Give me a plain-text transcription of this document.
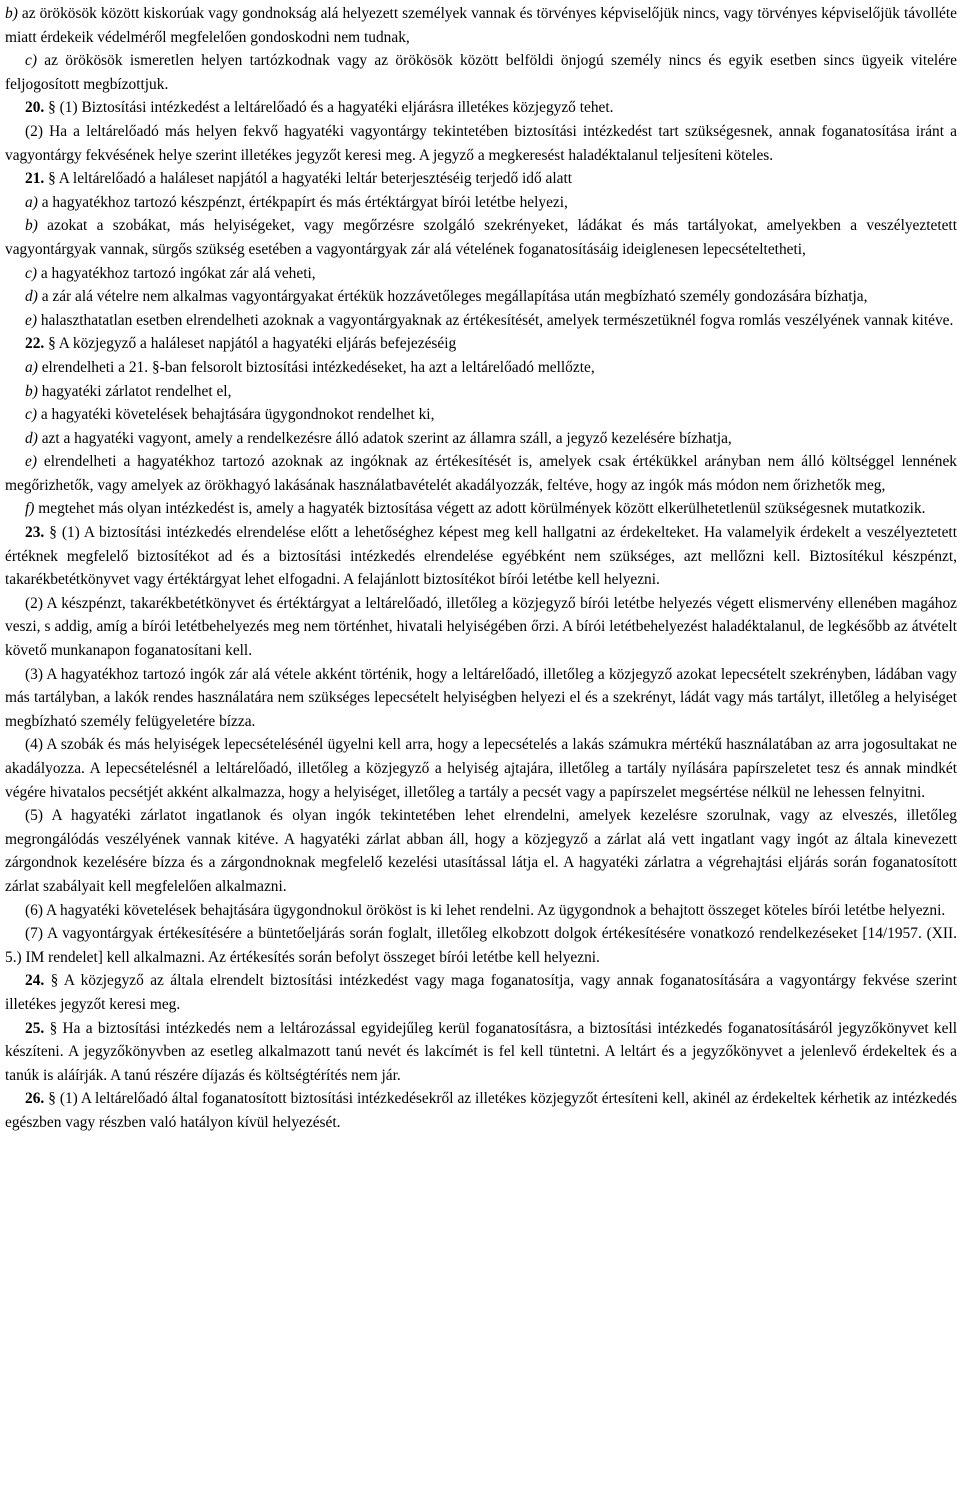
b) az örökösök között kiskorúak vagy gondnokság alá helyezett személyek vannak és törvényes képviselőjük nincs, vagy törvényes képviselőjük távolléte miatt érdekeik védelméről megfelelően gondoskodni nem tudnak,

c) az örökösök ismeretlen helyen tartózkodnak vagy az örökösök között belföldi önjogú személy nincs és egyik esetben sincs ügyeik vitelére feljogosított megbízottjuk.

20. § (1) Biztosítási intézkedést a leltárelőadó és a hagyatéki eljárásra illetékes közjegyző tehet.

(2) Ha a leltárelőadó más helyen fekvő hagyatéki vagyontárgy tekintetében biztosítási intézkedést tart szükségesnek, annak foganatosítása iránt a vagyontárgy fekvésének helye szerint illetékes jegyzőt keresi meg. A jegyző a megkeresést haladéktalanul teljesíteni köteles.

21. § A leltárelőadó a haláleset napjától a hagyatéki leltár beterjesztéséig terjedő idő alatt

a) a hagyatékhoz tartozó készpénzt, értékpapírt és más értéktárgyat bírói letétbe helyezi,

b) azokat a szobákat, más helyiségeket, vagy megőrzésre szolgáló szekrényeket, ládákat és más tartályokat, amelyekben a veszélyeztetett vagyontárgyak vannak, sürgős szükség esetében a vagyontárgyak zár alá vételének foganatosításáig ideiglenesen lepecsételtetheti,

c) a hagyatékhoz tartozó ingókat zár alá veheti,

d) a zár alá vételre nem alkalmas vagyontárgyakat értékük hozzávetőleges megállapítása után megbízható személy gondozására bízhatja,

e) halaszthatatlan esetben elrendelheti azoknak a vagyontárgyaknak az értékesítését, amelyek természetüknél fogva romlás veszélyének vannak kitéve.

22. § A közjegyző a haláleset napjától a hagyatéki eljárás befejezéséig

a) elrendelheti a 21. §-ban felsorolt biztosítási intézkedéseket, ha azt a leltárelőadó mellőzte,

b) hagyatéki zárlatot rendelhet el,

c) a hagyatéki követelések behajtására ügygondnokot rendelhet ki,

d) azt a hagyatéki vagyont, amely a rendelkezésre álló adatok szerint az államra száll, a jegyző kezelésére bízhatja,

e) elrendelheti a hagyatékhoz tartozó azoknak az ingóknak az értékesítését is, amelyek csak értékükkel arányban nem álló költséggel lennének megőrizhetők, vagy amelyek az örökhagyó lakásának használatbavételét akadályozzák, feltéve, hogy az ingók más módon nem őrizhetők meg,

f) megtehet más olyan intézkedést is, amely a hagyaték biztosítása végett az adott körülmények között elkerülhetetlenül szükségesnek mutatkozik.

23. § (1) A biztosítási intézkedés elrendelése előtt a lehetőséghez képest meg kell hallgatni az érdekelteket. Ha valamelyik érdekelt a veszélyeztetett értéknek megfelelő biztosítékot ad és a biztosítási intézkedés elrendelése egyébként nem szükséges, azt mellőzni kell. Biztosítékul készpénzt, takarékbetétkönyvet vagy értéktárgyat lehet elfogadni. A felajánlott biztosítékot bírói letétbe kell helyezni.

(2) A készpénzt, takarékbetétkönyvet és értéktárgyat a leltárelőadó, illetőleg a közjegyző bírói letétbe helyezés végett elismervény ellenében magához veszi, s addig, amíg a bírói letétbehelyezés meg nem történhet, hivatali helyiségében őrzi. A bírói letétbehelyezést haladéktalanul, de legkésőbb az átvételt követő munkanapon foganatosítani kell.

(3) A hagyatékhoz tartozó ingók zár alá vétele akként történik, hogy a leltárelőadó, illetőleg a közjegyző azokat lepecsételt szekrényben, ládában vagy más tartályban, a lakók rendes használatára nem szükséges lepecsételt helyiségben helyezi el és a szekrényt, ládát vagy más tartályt, illetőleg a helyiséget megbízható személy felügyeletére bízza.

(4) A szobák és más helyiségek lepecsételésénél ügyelni kell arra, hogy a lepecsételés a lakás számukra mértékű használatában az arra jogosultakat ne akadályozza. A lepecsételésnél a leltárelőadó, illetőleg a közjegyző a helyiség ajtajára, illetőleg a tartály nyílására papírszeletet tesz és annak mindkét végére hivatalos pecsétjét akként alkalmazza, hogy a helyiséget, illetőleg a tartály a pecsét vagy a papírszelet megsértése nélkül ne lehessen felnyitni.

(5) A hagyatéki zárlatot ingatlanok és olyan ingók tekintetében lehet elrendelni, amelyek kezelésre szorulnak, vagy az elveszés, illetőleg megrongálódás veszélyének vannak kitéve. A hagyatéki zárlat abban áll, hogy a közjegyző a zárlat alá vett ingatlant vagy ingót az általa kinevezett zárgondnok kezelésére bízza és a zárgondnoknak megfelelő kezelési utasítással látja el. A hagyatéki zárlatra a végrehajtási eljárás során foganatosított zárlat szabályait kell megfelelően alkalmazni.

(6) A hagyatéki követelések behajtására ügygondnokul örököst is ki lehet rendelni. Az ügygondnok a behajtott összeget köteles bírói letétbe helyezni.

(7) A vagyontárgyak értékesítésére a büntetőeljárás során foglalt, illetőleg elkobzott dolgok értékesítésére vonatkozó rendelkezéseket [14/1957. (XII. 5.) IM rendelet] kell alkalmazni. Az értékesítés során befolyt összeget bírói letétbe kell helyezni.

24. § A közjegyző az általa elrendelt biztosítási intézkedést vagy maga foganatosítja, vagy annak foganatosítására a vagyontárgy fekvése szerint illetékes jegyzőt keresi meg.

25. § Ha a biztosítási intézkedés nem a leltározással egyidejűleg kerül foganatosításra, a biztosítási intézkedés foganatosításáról jegyzőkönyvet kell készíteni. A jegyzőkönyvben az esetleg alkalmazott tanú nevét és lakcímét is fel kell tüntetni. A leltárt és a jegyzőkönyvet a jelenlevő érdekeltek és a tanúk is aláírják. A tanú részére díjazás és költségtérítés nem jár.

26. § (1) A leltárelőadó által foganatosított biztosítási intézkedésekről az illetékes közjegyzőt értesíteni kell, akinél az érdekeltek kérhetik az intézkedés egészben vagy részben való hatályon kívül helyezését.
